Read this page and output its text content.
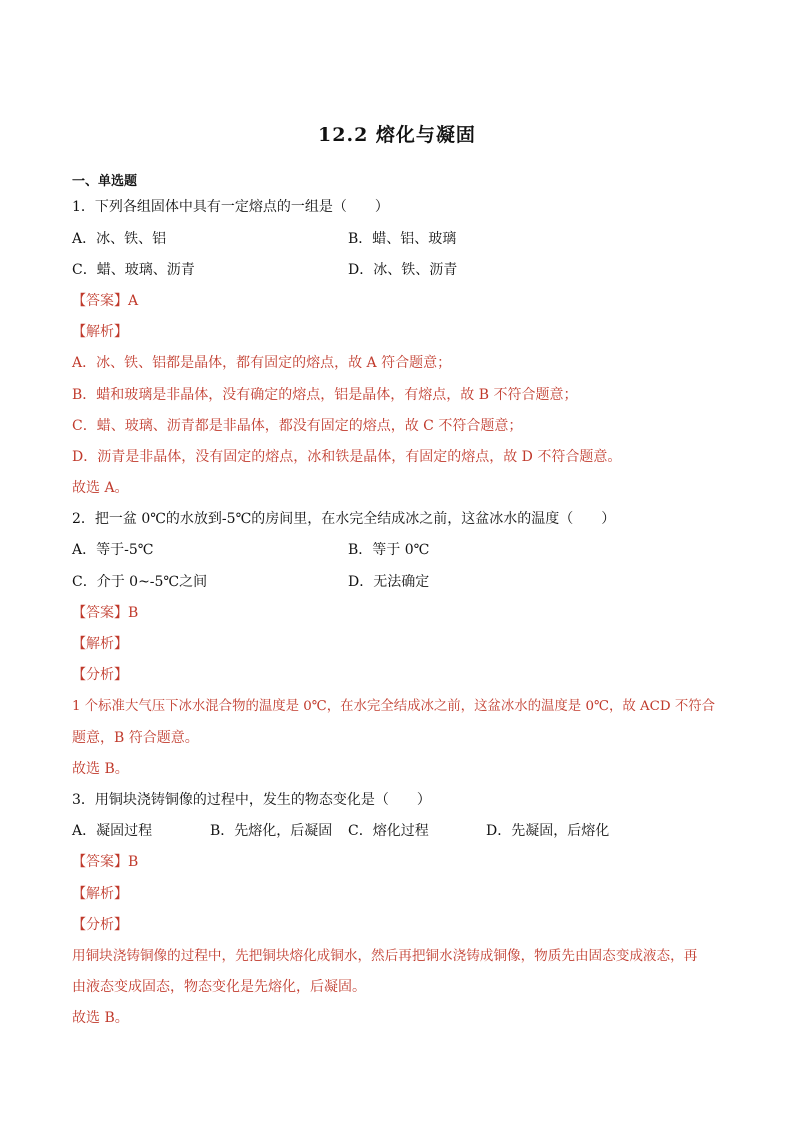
12.2 熔化与凝固
一、单选题
1．下列各组固体中具有一定熔点的一组是（　　）
A．冰、铁、铝	B．蜡、铝、玻璃
C．蜡、玻璃、沥青	D．冰、铁、沥青
【答案】A
【解析】
A．冰、铁、铝都是晶体，都有固定的熔点，故 A 符合题意；
B．蜡和玻璃是非晶体，没有确定的熔点，铝是晶体，有熔点，故 B 不符合题意；
C．蜡、玻璃、沥青都是非晶体，都没有固定的熔点，故 C 不符合题意；
D．沥青是非晶体，没有固定的熔点，冰和铁是晶体，有固定的熔点，故 D 不符合题意。
故选 A。
2．把一盆 0℃的水放到-5℃的房间里，在水完全结成冰之前，这盆冰水的温度（　　）
A．等于-5℃	B．等于 0℃
C．介于 0~-5℃之间	D．无法确定
【答案】B
【解析】
【分析】
1 个标准大气压下冰水混合物的温度是 0℃，在水完全结成冰之前，这盆冰水的温度是 0℃，故 ACD 不符合
题意，B 符合题意。
故选 B。
3．用铜块浇铸铜像的过程中，发生的物态变化是（　　）
A．凝固过程	B．先熔化，后凝固 C．熔化过程	D．先凝固，后熔化
【答案】B
【解析】
【分析】
用铜块浇铸铜像的过程中，先把铜块熔化成铜水，然后再把铜水浇铸成铜像，物质先由固态变成液态，再
由液态变成固态，物态变化是先熔化，后凝固。
故选 B。
